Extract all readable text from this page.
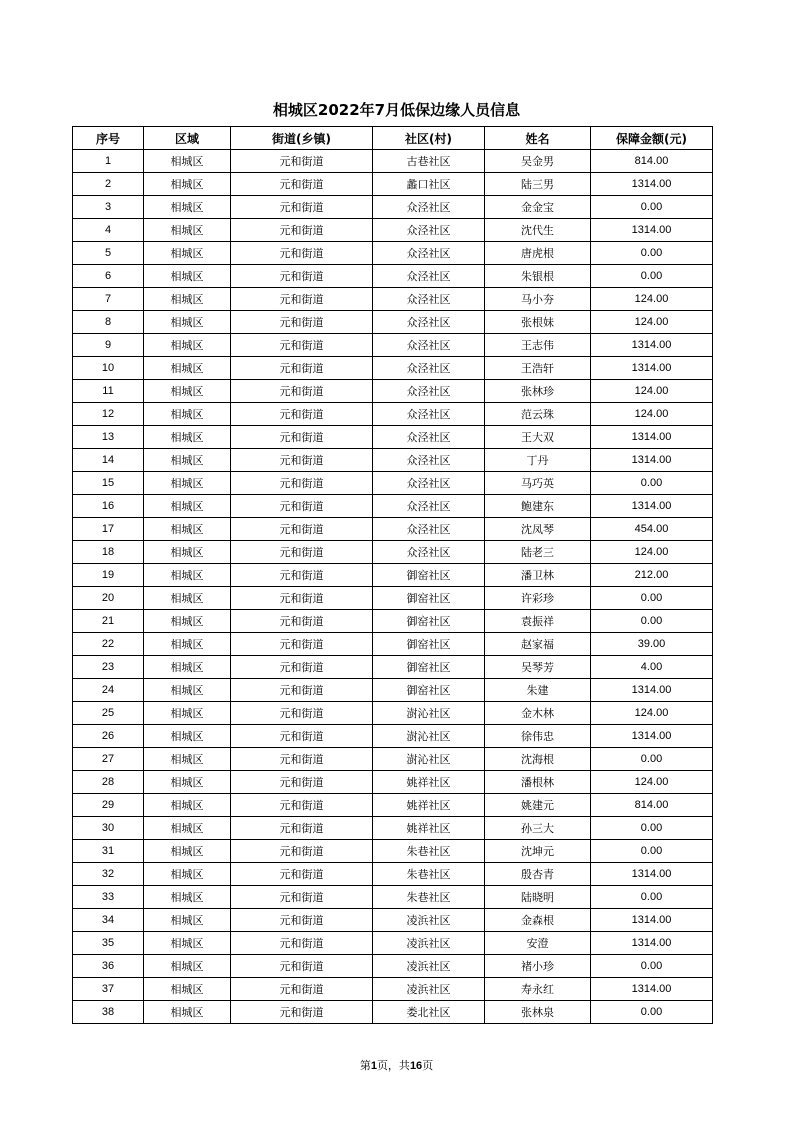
相城区2022年7月低保边缘人员信息
序号	区域	街道(乡镇)	社区(村)	姓名	保障金额(元)
1	相城区	元和街道	古巷社区	吴金男	814.00
2	相城区	元和街道	蠡口社区	陆三男	1314.00
3	相城区	元和街道	众泾社区	金金宝	0.00
4	相城区	元和街道	众泾社区	沈代生	1314.00
5	相城区	元和街道	众泾社区	唐虎根	0.00
6	相城区	元和街道	众泾社区	朱银根	0.00
7	相城区	元和街道	众泾社区	马小夯	124.00
8	相城区	元和街道	众泾社区	张根妹	124.00
9	相城区	元和街道	众泾社区	王志伟	1314.00
10	相城区	元和街道	众泾社区	王浩轩	1314.00
11	相城区	元和街道	众泾社区	张林珍	124.00
12	相城区	元和街道	众泾社区	范云珠	124.00
13	相城区	元和街道	众泾社区	王大双	1314.00
14	相城区	元和街道	众泾社区	丁丹	1314.00
15	相城区	元和街道	众泾社区	马巧英	0.00
16	相城区	元和街道	众泾社区	鲍建东	1314.00
17	相城区	元和街道	众泾社区	沈凤琴	454.00
18	相城区	元和街道	众泾社区	陆老三	124.00
19	相城区	元和街道	御窑社区	潘卫林	212.00
20	相城区	元和街道	御窑社区	许彩珍	0.00
21	相城区	元和街道	御窑社区	袁振祥	0.00
22	相城区	元和街道	御窑社区	赵家福	39.00
23	相城区	元和街道	御窑社区	吴琴芳	4.00
24	相城区	元和街道	御窑社区	朱建	1314.00
25	相城区	元和街道	澍沁社区	金木林	124.00
26	相城区	元和街道	澍沁社区	徐伟忠	1314.00
27	相城区	元和街道	澍沁社区	沈海根	0.00
28	相城区	元和街道	姚祥社区	潘根林	124.00
29	相城区	元和街道	姚祥社区	姚建元	814.00
30	相城区	元和街道	姚祥社区	孙三大	0.00
31	相城区	元和街道	朱巷社区	沈坤元	0.00
32	相城区	元和街道	朱巷社区	殷杏青	1314.00
33	相城区	元和街道	朱巷社区	陆晓明	0.00
34	相城区	元和街道	凌浜社区	金森根	1314.00
35	相城区	元和街道	凌浜社区	安澄	1314.00
36	相城区	元和街道	凌浜社区	褚小珍	0.00
37	相城区	元和街道	凌浜社区	寿永红	1314.00
38	相城区	元和街道	娄北社区	张林泉	0.00
第1页，共16页
